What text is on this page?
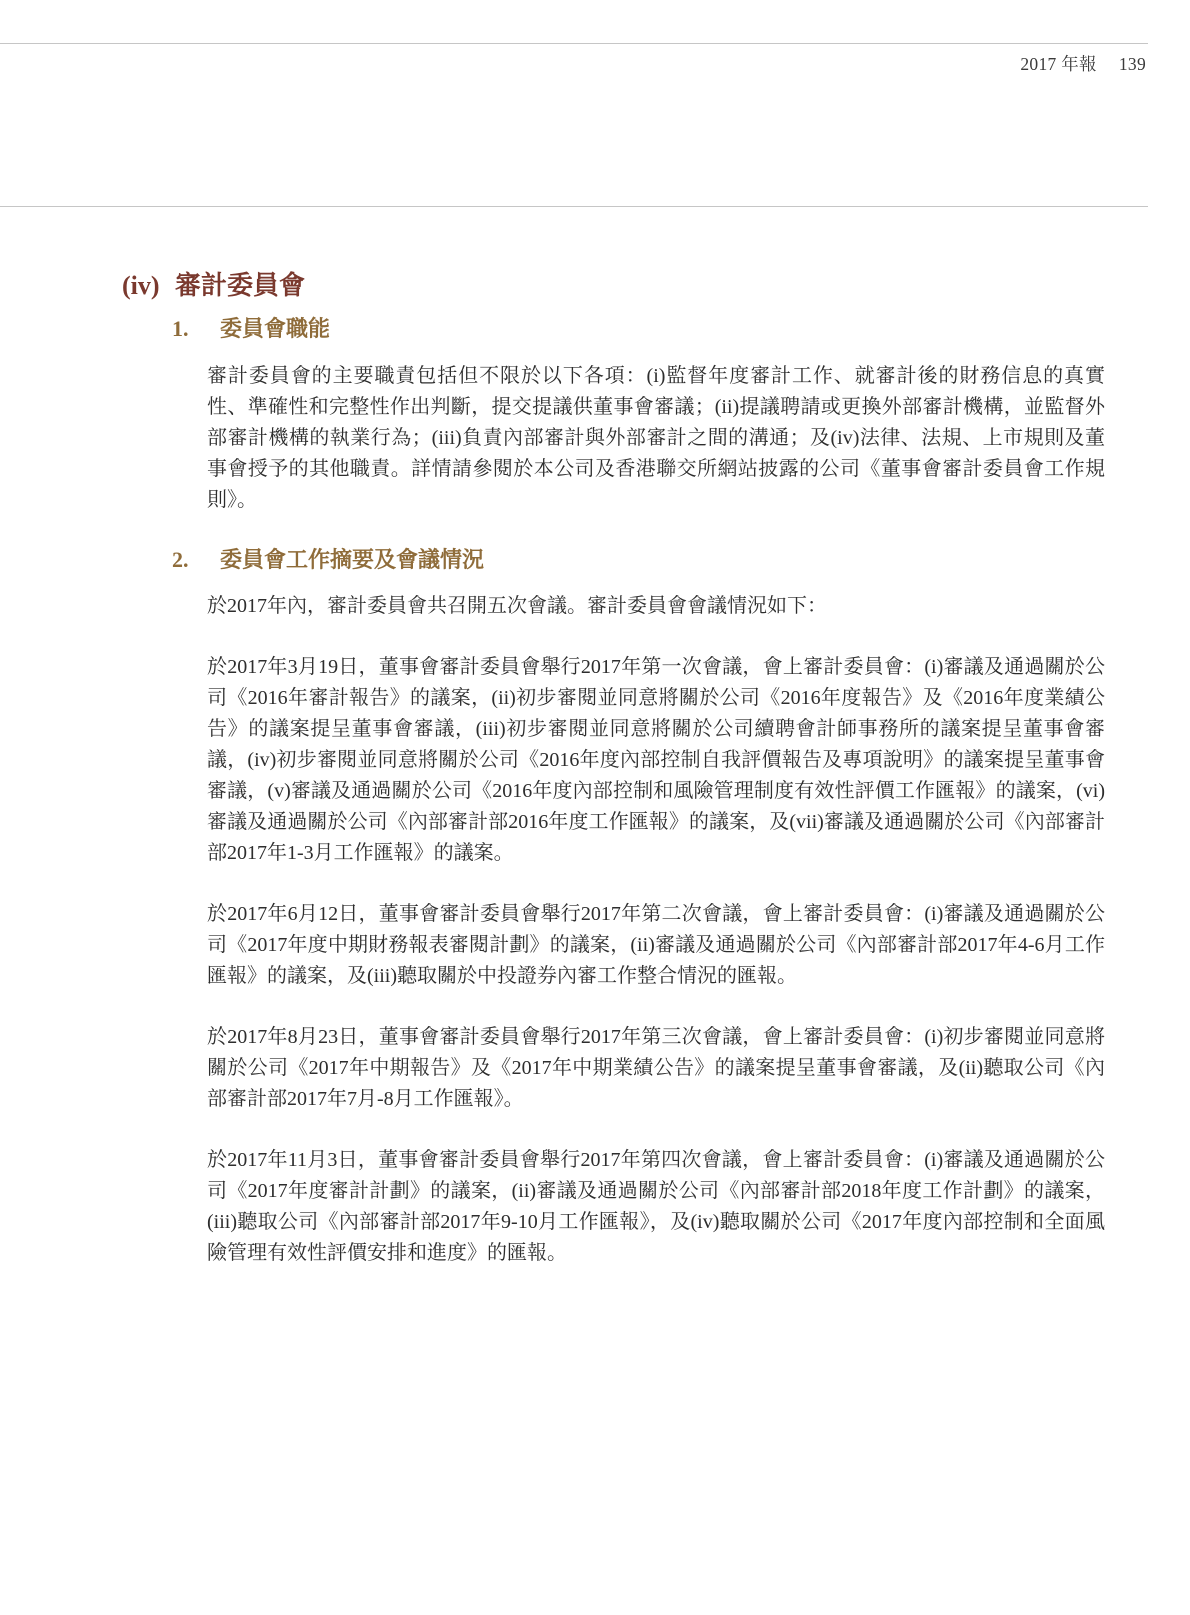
2017 年報 139
(iv) 審計委員會
1.	委員會職能

審計委員會的主要職責包括但不限於以下各項：(i)監督年度審計工作、就審計後的財務信息的真實性、準確性和完整性作出判斷，提交提議供董事會審議；(ii)提議聘請或更換外部審計機構，並監督外部審計機構的執業行為；(iii)負責內部審計與外部審計之間的溝通；及(iv)法律、法規、上市規則及董事會授予的其他職責。詳情請參閱於本公司及香港聯交所網站披露的公司《董事會審計委員會工作規則》。

2.	委員會工作摘要及會議情況

於2017年內，審計委員會共召開五次會議。審計委員會會議情況如下：

於2017年3月19日，董事會審計委員會舉行2017年第一次會議，會上審計委員會：(i)審議及通過關於公司《2016年審計報告》的議案，(ii)初步審閱並同意將關於公司《2016年度報告》及《2016年度業績公告》的議案提呈董事會審議，(iii)初步審閱並同意將關於公司續聘會計師事務所的議案提呈董事會審議，(iv)初步審閱並同意將關於公司《2016年度內部控制自我評價報告及專項說明》的議案提呈董事會審議，(v)審議及通過關於公司《2016年度內部控制和風險管理制度有效性評價工作匯報》的議案，(vi)審議及通過關於公司《內部審計部2016年度工作匯報》的議案，及(vii)審議及通過關於公司《內部審計部2017年1-3月工作匯報》的議案。

於2017年6月12日，董事會審計委員會舉行2017年第二次會議，會上審計委員會：(i)審議及通過關於公司《2017年度中期財務報表審閱計劃》的議案，(ii)審議及通過關於公司《內部審計部2017年4-6月工作匯報》的議案，及(iii)聽取關於中投證券內審工作整合情況的匯報。

於2017年8月23日，董事會審計委員會舉行2017年第三次會議，會上審計委員會：(i)初步審閱並同意將關於公司《2017年中期報告》及《2017年中期業績公告》的議案提呈董事會審議，及(ii)聽取公司《內部審計部2017年7月-8月工作匯報》。

於2017年11月3日，董事會審計委員會舉行2017年第四次會議，會上審計委員會：(i)審議及通過關於公司《2017年度審計計劃》的議案，(ii)審議及通過關於公司《內部審計部2018年度工作計劃》的議案，(iii)聽取公司《內部審計部2017年9-10月工作匯報》，及(iv)聽取關於公司《2017年度內部控制和全面風險管理有效性評價安排和進度》的匯報。
